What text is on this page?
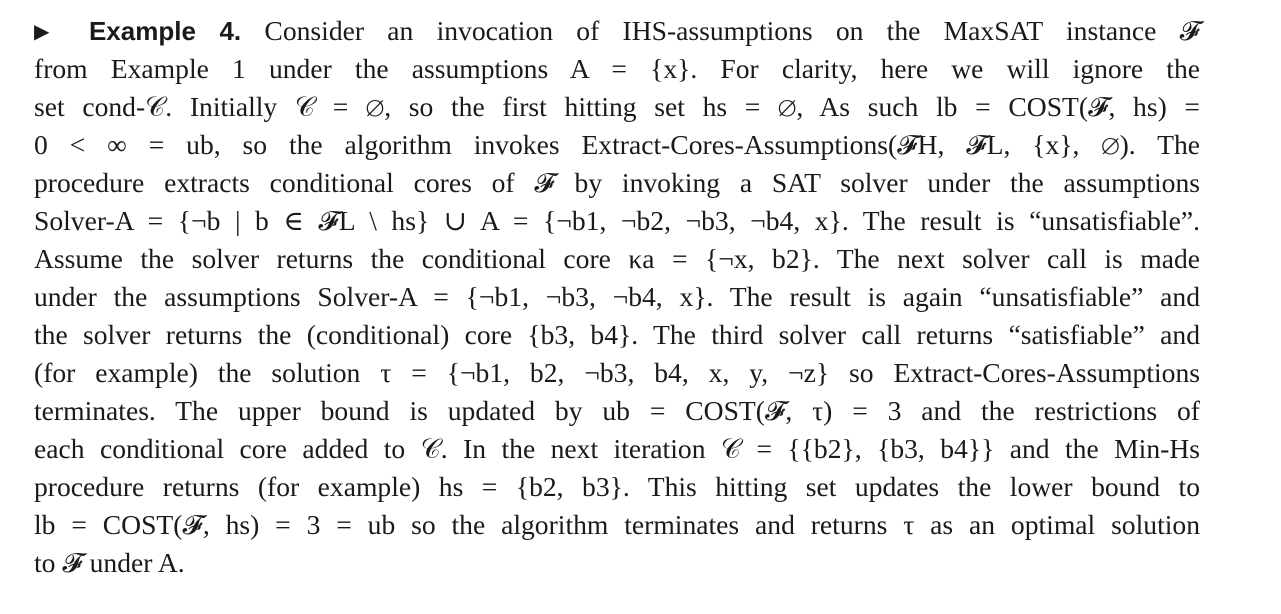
▶ Example 4. Consider an invocation of IHS-assumptions on the MaxSAT instance 𝓕
from Example 1 under the assumptions A = {x}. For clarity, here we will ignore the
set cond-𝒞. Initially 𝒞 = ∅, so the first hitting set hs = ∅, As such lb = COST(𝓕, hs) =
0 < ∞ = ub, so the algorithm invokes Extract-Cores-Assumptions(𝓕H, 𝓕L, {x}, ∅). The
procedure extracts conditional cores of 𝓕 by invoking a SAT solver under the assumptions
Solver-A = {¬b | b ∈ 𝓕L \ hs} ∪ A = {¬b1, ¬b2, ¬b3, ¬b4, x}. The result is “unsatisfiable”.
Assume the solver returns the conditional core κa = {¬x, b2}. The next solver call is made
under the assumptions Solver-A = {¬b1, ¬b3, ¬b4, x}. The result is again “unsatisfiable” and
the solver returns the (conditional) core {b3, b4}. The third solver call returns “satisfiable” and
(for example) the solution τ = {¬b1, b2, ¬b3, b4, x, y, ¬z} so Extract-Cores-Assumptions
terminates. The upper bound is updated by ub = COST(𝓕, τ) = 3 and the restrictions of
each conditional core added to 𝒞. In the next iteration 𝒞 = {{b2}, {b3, b4}} and the Min-Hs
procedure returns (for example) hs = {b2, b3}. This hitting set updates the lower bound to
lb = COST(𝓕, hs) = 3 = ub so the algorithm terminates and returns τ as an optimal solution
to 𝓕 under A.
